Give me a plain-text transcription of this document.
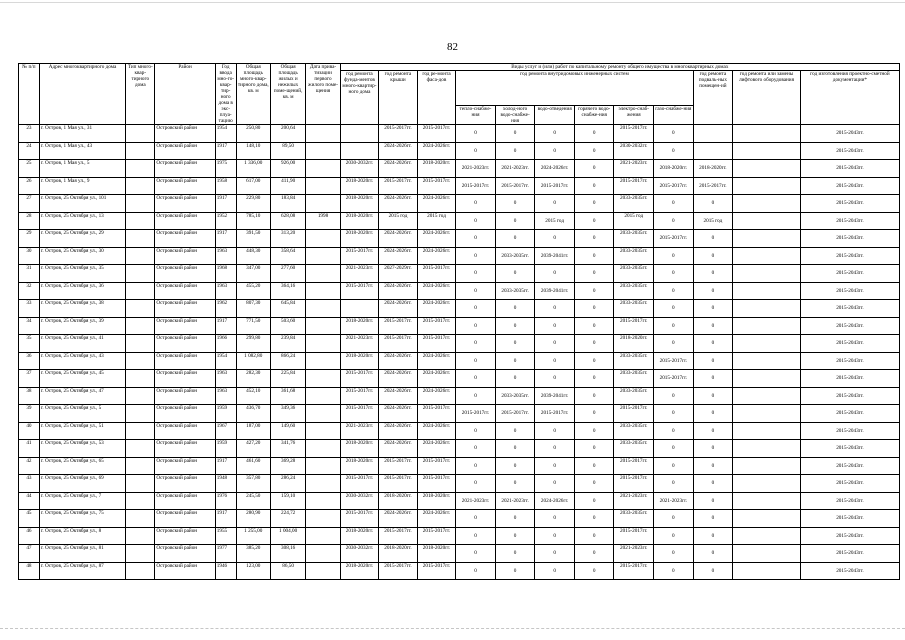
82
№ п/п	Адрес многоквартирного дома	Тип много-квар-тирного дома	Район	Год ввода мно-го-квар-тир-ного дома в экс-плуа-тацию	Общая площадь много-квар-тирного дома, кв. м	Общая площадь жилых и нежилых поме-щений, кв. м	Дата прива-тизации первого жилого поме-щения	Виды услуг и (или) работ по капитальному ремонту общего имущества в многоквартирных домах											
								год ремонта фунда-ментов много-квартир-ного дома	год ремонта крыши	год ре-монта фаса-дов	год ремонта внутридомовых инженерных систем						год ремонта подваль-ных помещен-ий	год ремонта или замены лифтового оборудования	год изготовления проектно-сметной документации*
											тепло-снабже-ния	холод-ного водо-снабже-ния	водо-отведения	горячего водо-снабже-ния	электро-снаб-жения	газо-снабже-ния			
23	г. Остров, 1 Мая ул., 31		Островский район	1954	250,80	200,64			2015-2017гг.	2015-2017гг.	0	0	0	0	2015-2017гг.	0			2015-2043гг.
24	г. Остров, 1 Мая ул., 43		Островский район	1917	148,10	89,50			2024-2026гг.	2024-2026гг.	0	0	0	0	2030-2032гг.	0			2015-2043гг.
25	г. Остров, 1 Мая ул., 5		Островский район	1975	1 336,00	926,00		2030-2032гг.	2024-2026гг.	2018-2020гг.	2021-2023гг.	2021-2023гг.	2024-2026гг.	0	2021-2023гг.	2018-2020гг.	2018-2020гг.		2015-2043гг.
26	г. Остров, 1 Мая ул., 9		Островский район	1958	617,00	411,90		2018-2020гг.	2015-2017гг.	2015-2017гг.	2015-2017гг.	2015-2017гг.	2015-2017гг.	0	2015-2017гг.	2015-2017гг.	2015-2017гг.		2015-2043гг.
27	г. Остров, 25 Октября ул., 101		Островский район	1917	229,80	183,84		2018-2020гг.	2024-2026гг.	2024-2026гг.	0	0	0	0	2033-2035гг.	0	0		2015-2043гг.
28	г. Остров, 25 Октября ул., 13		Островский район	1952	785,10	628,08	1998	2018-2020гг.	2015 год	2015 год	0	0	2015 год	0	2015 год	0	2015 год		2015-2043гг.
29	г. Остров, 25 Октября ул., 29		Островский район	1917	391,50	313,20		2018-2020гг.	2024-2026гг.	2024-2026гг.	0	0	0	0	2033-2035гг.	2015-2017гг.	0		2015-2043гг.
30	г. Остров, 25 Октября ул., 30		Островский район	1963	448,30	358,64		2015-2017гг.	2024-2026гг.	2024-2026гг.	0	2033-2035гг.	2039-2041гг.	0	2033-2035гг.	0	0		2015-2043гг.
31	г. Остров, 25 Октября ул., 35		Островский район	1968	347,00	277,60		2021-2023гг.	2027-2029гг.	2015-2017гг.	0	0	0	0	2033-2035гг.	0	0		2015-2043гг.
32	г. Остров, 25 Октября ул., 36		Островский район	1963	455,20	364,16		2015-2017гг.	2024-2026гг.	2024-2026гг.	0	2033-2035гг.	2039-2041гг.	0	2033-2035гг.	0	0		2015-2043гг.
33	г. Остров, 25 Октября ул., 38		Островский район	1962	807,30	645,84			2024-2026гг.	2024-2026гг.	0	0	0	0	2033-2035гг.	0	0		2015-2043гг.
34	г. Остров, 25 Октября ул., 39		Островский район	1917	771,50	503,60		2018-2020гг.	2015-2017гг.	2015-2017гг.	0	0	0	0	2015-2017гг.	0	0		2015-2043гг.
35	г. Остров, 25 Октября ул., 41		Островский район	1966	299,80	239,84		2021-2023гг.	2015-2017гг.	2015-2017гг.	0	0	0	0	2018-2020гг.	0	0		2015-2043гг.
36	г. Остров, 25 Октября ул., 43		Островский район	1954	1 082,80	866,24		2018-2020гг.	2024-2026гг.	2024-2026гг.	0	0	0	0	2033-2035гг.	2015-2017гг.	0		2015-2043гг.
37	г. Остров, 25 Октября ул., 45		Островский район	1963	282,30	225,84		2015-2017гг.	2024-2026гг.	2024-2026гг.	0	0	0	0	2033-2035гг.	2015-2017гг.	0		2015-2043гг.
38	г. Остров, 25 Октября ул., 47		Островский район	1963	452,10	361,68		2015-2017гг.	2024-2026гг.	2024-2026гг.	0	2033-2035гг.	2039-2041гг.	0	2033-2035гг.	0	0		2015-2043гг.
39	г. Остров, 25 Октября ул., 5		Островский район	1959	436,70	349,36		2015-2017гг.	2024-2026гг.	2015-2017гг.	2015-2017гг.	2015-2017гг.	2015-2017гг.	0	2015-2017гг.	0	0		2015-2043гг.
40	г. Остров, 25 Октября ул., 51		Островский район	1967	187,00	149,60		2021-2023гг.	2024-2026гг.	2024-2026гг.	0	0	0	0	2033-2035гг.	0	0		2015-2043гг.
41	г. Остров, 25 Октября ул., 53		Островский район	1959	427,20	341,76		2018-2020гг.	2024-2026гг.	2024-2026гг.	0	0	0	0	2033-2035гг.	0	0		2015-2043гг.
42	г. Остров, 25 Октября ул., 65		Островский район	1917	461,60	369,28		2018-2020гг.	2015-2017гг.	2015-2017гг.	0	0	0	0	2015-2017гг.	0	0		2015-2043гг.
43	г. Остров, 25 Октября ул., 69		Островский район	1948	357,80	286,24		2015-2017гг.	2015-2017гг.	2015-2017гг.	0	0	0	0	2015-2017гг.	0	0		2015-2043гг.
44	г. Остров, 25 Октября ул., 7		Островский район	1976	245,50	159,10		2030-2032гг.	2018-2020гг.	2018-2020гг.	2021-2023гг.	2021-2023гг.	2024-2026гг.	0	2021-2023гг.	2021-2023гг.	0		2015-2043гг.
45	г. Остров, 25 Октября ул., 75		Островский район	1917	280,90	224,72		2015-2017гг.	2024-2026гг.	2024-2026гг.	0	0	0	0	2033-2035гг.	0	0		2015-2043гг.
46	г. Остров, 25 Октября ул., 8		Островский район	1955	1 255,00	1 004,00		2018-2020гг.	2015-2017гг.	2015-2017гг.	0	0	0	0	2015-2017гг.	0	0		2015-2043гг.
47	г. Остров, 25 Октября ул., 81		Островский район	1977	385,20	308,16		2030-2032гг.	2018-2020гг.	2018-2020гг.	0	0	0	0	2021-2023гг.	0	0		2015-2043гг.
48	г. Остров, 25 Октября ул., 87		Островский район	1946	123,00	86,50		2018-2020гг.	2015-2017гг.	2015-2017гг.	0	0	0	0	2015-2017гг.	0	0		2015-2043гг.
